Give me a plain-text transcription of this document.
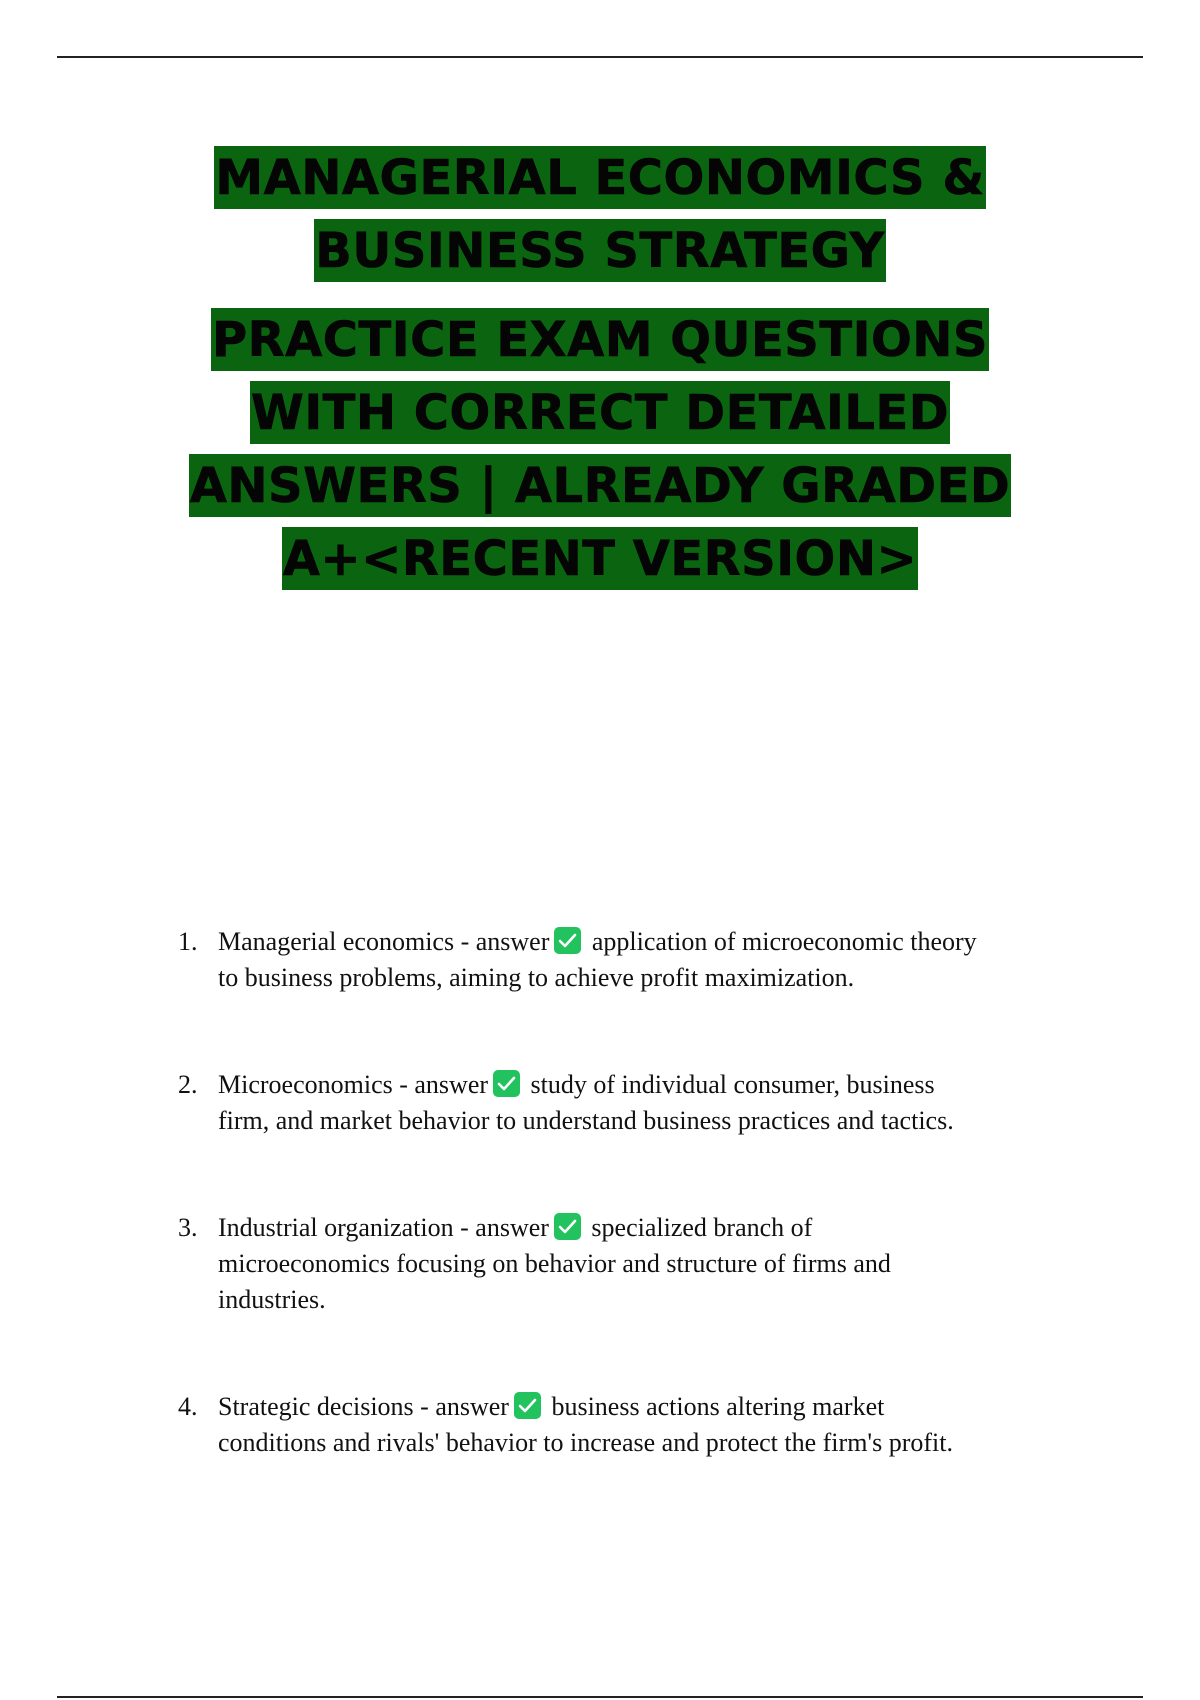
MANAGERIAL ECONOMICS &
BUSINESS STRATEGY
PRACTICE EXAM QUESTIONS
WITH CORRECT DETAILED
ANSWERS | ALREADY GRADED
A+<RECENT VERSION>
1. Managerial economics - answer
application of microeconomic theory
to business problems, aiming to achieve profit maximization.
2. Microeconomics - answer
study of individual consumer, business
firm, and market behavior to understand business practices and tactics.
3. Industrial organization - answer
specialized branch of
microeconomics focusing on behavior and structure of firms and
industries.
4. Strategic decisions - answer
business actions altering market
conditions and rivals' behavior to increase and protect the firm's profit.
